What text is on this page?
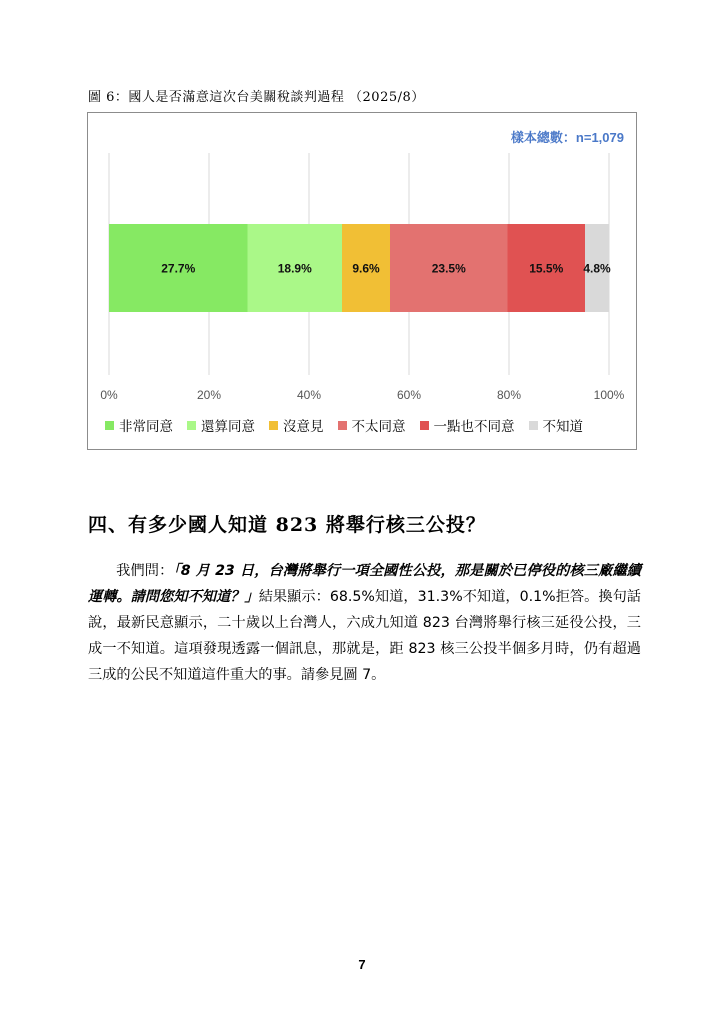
圖 6：國人是否滿意這次台美關稅談判過程 （2025/8）
樣本總數：n=1,079
0%	20%	40%	60%	80%	100%
27.7%	18.9%	9.6%	23.5%	15.5% 4.8%
非常同意 還算同意 沒意見 不太同意 一點也不同意 不知道
四、有多少國人知道 823 將舉行核三公投？
我們問：「8 月 23 日，台灣將舉行一項全國性公投，那是關於已停役的核三廠繼續運轉。請問您知不知道？」結果顯示：68.5%知道，31.3%不知道，0.1%拒答。換句話說，最新民意顯示，二十歲以上台灣人，六成九知道 823 台灣將舉行核三延役公投，三成一不知道。這項發現透露一個訊息，那就是，距 823 核三公投半個多月時，仍有超過三成的公民不知道這件重大的事。請參見圖 7。
7
